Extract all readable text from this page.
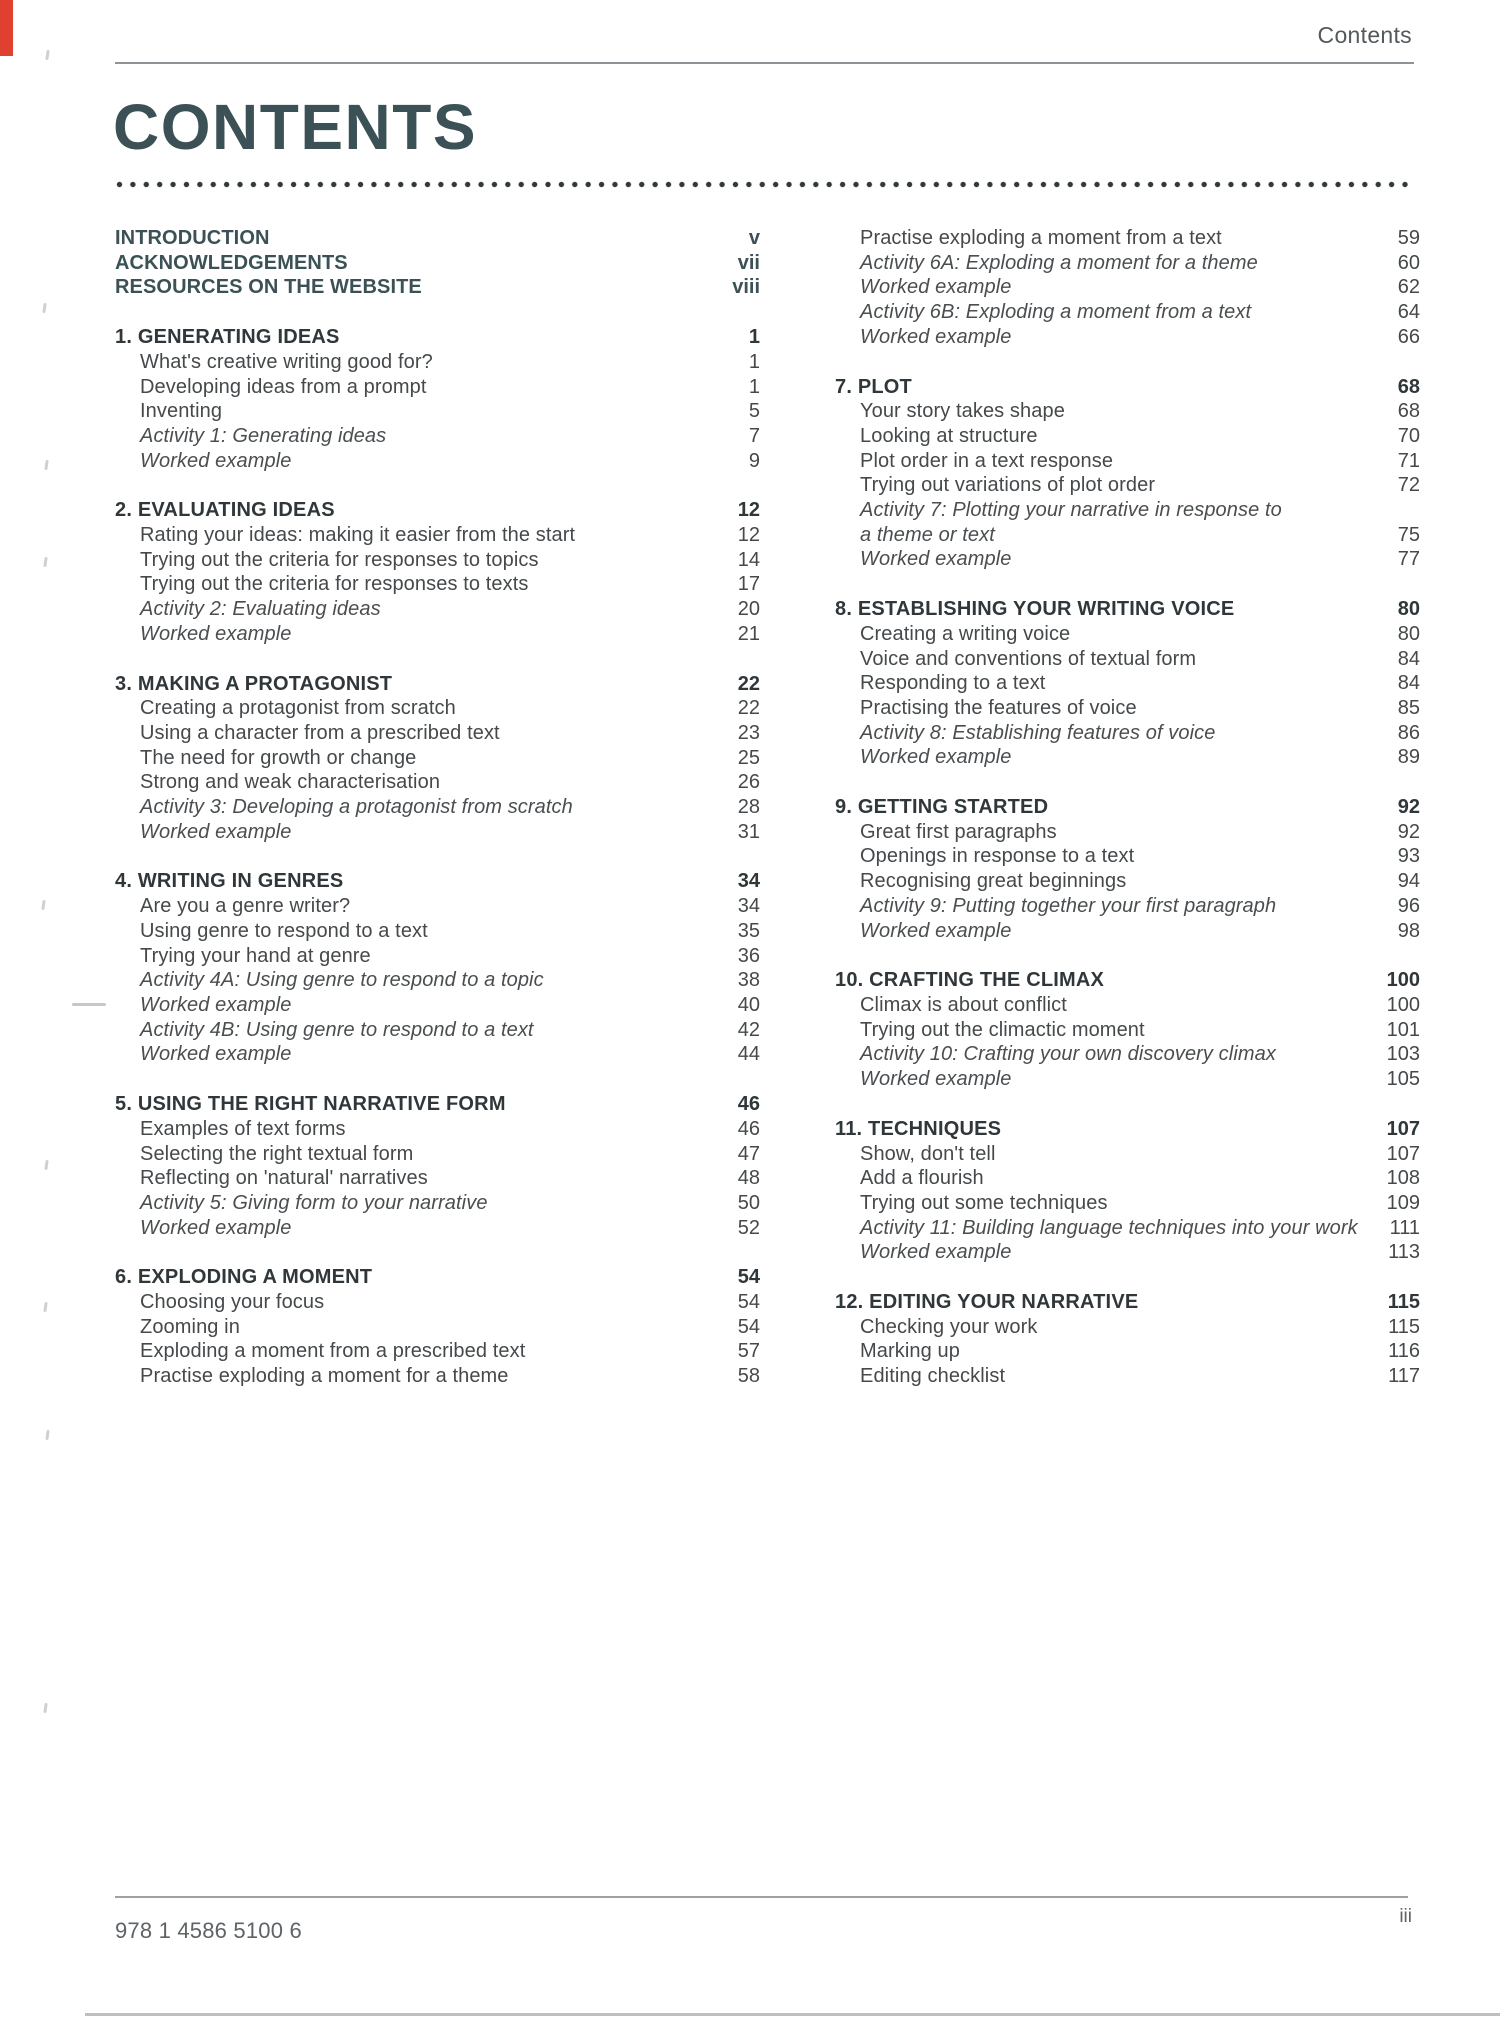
Contents
CONTENTS
INTRODUCTION	v
ACKNOWLEDGEMENTS	vii
RESOURCES ON THE WEBSITE	viii
1. GENERATING IDEAS	1
What's creative writing good for?	1
Developing ideas from a prompt	1
Inventing	5
Activity 1: Generating ideas	7
Worked example	9
2. EVALUATING IDEAS	12
Rating your ideas: making it easier from the start	12
Trying out the criteria for responses to topics	14
Trying out the criteria for responses to texts	17
Activity 2: Evaluating ideas	20
Worked example	21
3. MAKING A PROTAGONIST	22
Creating a protagonist from scratch	22
Using a character from a prescribed text	23
The need for growth or change	25
Strong and weak characterisation	26
Activity 3: Developing a protagonist from scratch	28
Worked example	31
4. WRITING IN GENRES	34
Are you a genre writer?	34
Using genre to respond to a text	35
Trying your hand at genre	36
Activity 4A: Using genre to respond to a topic	38
Worked example	40
Activity 4B: Using genre to respond to a text	42
Worked example	44
5. USING THE RIGHT NARRATIVE FORM	46
Examples of text forms	46
Selecting the right textual form	47
Reflecting on 'natural' narratives	48
Activity 5: Giving form to your narrative	50
Worked example	52
6. EXPLODING A MOMENT	54
Choosing your focus	54
Zooming in	54
Exploding a moment from a prescribed text	57
Practise exploding a moment for a theme	58
Practise exploding a moment from a text	59
Activity 6A: Exploding a moment for a theme	60
Worked example	62
Activity 6B: Exploding a moment from a text	64
Worked example	66
7. PLOT	68
Your story takes shape	68
Looking at structure	70
Plot order in a text response	71
Trying out variations of plot order	72
Activity 7: Plotting your narrative in response to
a theme or text	75
Worked example	77
8. ESTABLISHING YOUR WRITING VOICE	80
Creating a writing voice	80
Voice and conventions of textual form	84
Responding to a text	84
Practising the features of voice	85
Activity 8: Establishing features of voice	86
Worked example	89
9. GETTING STARTED	92
Great first paragraphs	92
Openings in response to a text	93
Recognising great beginnings	94
Activity 9: Putting together your first paragraph	96
Worked example	98
10. CRAFTING THE CLIMAX	100
Climax is about conflict	100
Trying out the climactic moment	101
Activity 10: Crafting your own discovery climax	103
Worked example	105
11. TECHNIQUES	107
Show, don't tell	107
Add a flourish	108
Trying out some techniques	109
Activity 11: Building language techniques into your work	111
Worked example	113
12. EDITING YOUR NARRATIVE	115
Checking your work	115
Marking up	116
Editing checklist	117
978 1 4586 5100 6
iii
